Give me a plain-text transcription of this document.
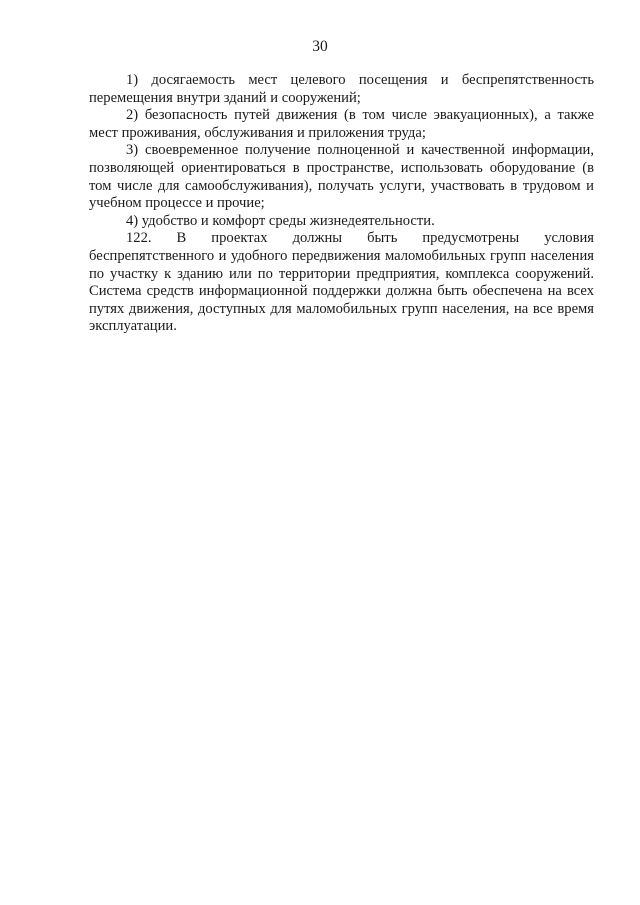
30

1) досягаемость мест целевого посещения и беспрепятственность перемещения внутри зданий и сооружений;

2) безопасность путей движения (в том числе эвакуационных), а также мест проживания, обслуживания и приложения труда;

3) своевременное получение полноценной и качественной информации, позволяющей ориентироваться в пространстве, использовать оборудование (в том числе для самообслуживания), получать услуги, участвовать в трудовом и учебном процессе и прочие;

4) удобство и комфорт среды жизнедеятельности.

122. В проектах должны быть предусмотрены условия беспрепятственного и удобного передвижения маломобильных групп населения по участку к зданию или по территории предприятия, комплекса сооружений. Система средств информационной поддержки должна быть обеспечена на всех путях движения, доступных для маломобильных групп населения, на все время эксплуатации.
